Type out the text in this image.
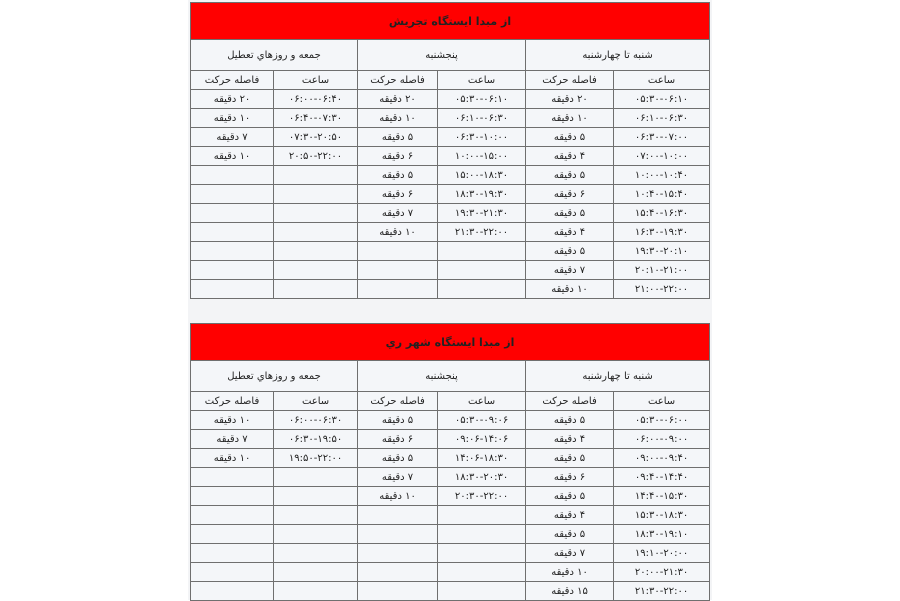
از مبدا ایستگاه تجریش					
شنبه تا چهارشنبه		پنجشنبه		جمعه و روزهاي تعطيل	
ساعت	فاصله حرکت	ساعت	فاصله حرکت	ساعت	فاصله حرکت
۰۵:۳۰-۰۶:۱۰	۲۰ دقیقه	۰۵:۳۰-۰۶:۱۰	۲۰ دقیقه	۰۶:۰۰-۰۶:۴۰	۲۰ دقیقه
۰۶:۱۰-۰۶:۳۰	۱۰ دقیقه	۰۶:۱۰-۰۶:۳۰	۱۰ دقیقه	۰۶:۴۰-۰۷:۳۰	۱۰ دقیقه
۰۶:۳۰-۰۷:۰۰	۵ دقیقه	۰۶:۳۰-۱۰:۰۰	۵ دقیقه	۰۷:۳۰-۲۰:۵۰	۷ دقیقه
۰۷:۰۰-۱۰:۰۰	۴ دقیقه	۱۰:۰۰-۱۵:۰۰	۶ دقیقه	۲۰:۵۰-۲۲:۰۰	۱۰ دقیقه
۱۰:۰۰-۱۰:۴۰	۵ دقیقه	۱۵:۰۰-۱۸:۳۰	۵ دقیقه		
۱۰:۴۰-۱۵:۴۰	۶ دقیقه	۱۸:۳۰-۱۹:۳۰	۶ دقیقه		
۱۵:۴۰-۱۶:۳۰	۵ دقیقه	۱۹:۳۰-۲۱:۳۰	۷ دقیقه		
۱۶:۳۰-۱۹:۳۰	۴ دقیقه	۲۱:۳۰-۲۲:۰۰	۱۰ دقیقه		
۱۹:۳۰-۲۰:۱۰	۵ دقیقه				
۲۰:۱۰-۲۱:۰۰	۷ دقیقه				
۲۱:۰۰-۲۲:۰۰	۱۰ دقیقه				
از مبدا ایستگاه شهر ري					
شنبه تا چهارشنبه		پنجشنبه		جمعه و روزهاي تعطيل	
ساعت	فاصله حرکت	ساعت	فاصله حرکت	ساعت	فاصله حرکت
۰۵:۳۰-۰۶:۰۰	۵ دقیقه	۰۵:۳۰-۰۹:۰۶	۵ دقیقه	۰۶:۰۰-۰۶:۳۰	۱۰ دقیقه
۰۶:۰۰-۰۹:۰۰	۴ دقیقه	۰۹:۰۶-۱۴:۰۶	۶ دقیقه	۰۶:۳۰-۱۹:۵۰	۷ دقیقه
۰۹:۰۰-۰۹:۴۰	۵ دقیقه	۱۴:۰۶-۱۸:۳۰	۵ دقیقه	۱۹:۵۰-۲۲:۰۰	۱۰ دقیقه
۰۹:۴۰-۱۴:۴۰	۶ دقیقه	۱۸:۳۰-۲۰:۳۰	۷ دقیقه		
۱۴:۴۰-۱۵:۳۰	۵ دقیقه	۲۰:۳۰-۲۲:۰۰	۱۰ دقیقه		
۱۵:۳۰-۱۸:۳۰	۴ دقیقه				
۱۸:۳۰-۱۹:۱۰	۵ دقیقه				
۱۹:۱۰-۲۰:۰۰	۷ دقیقه				
۲۰:۰۰-۲۱:۳۰	۱۰ دقیقه				
۲۱:۳۰-۲۲:۰۰	۱۵ دقیقه				
